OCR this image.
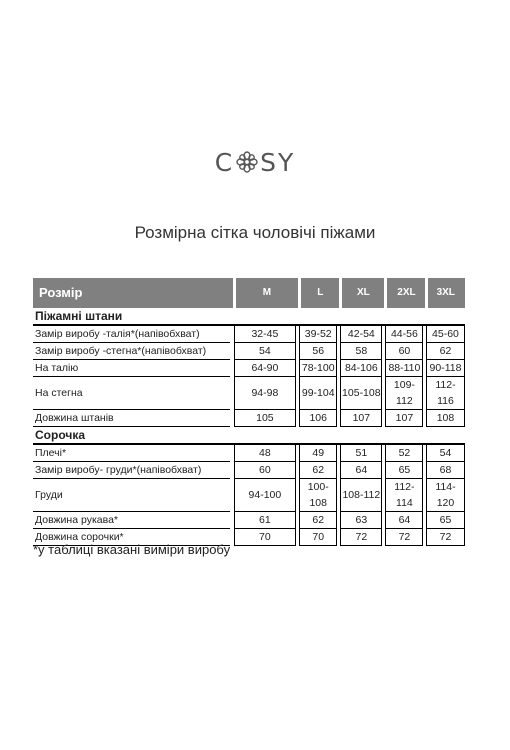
C SY
Розмірна сітка чоловічі піжами
Розмір		M		L		XL		2XL		3XL
Піжамні штани										
Замір виробу -талія*(напівобхват)		32-45		39-52		42-54		44-56		45-60
Замір виробу -стегна*(напівобхват)		54		56		58		60		62
На талію		64-90		78-100		84-106		88-110		90-118
На стегна		94-98		99-104		105-108		109-112		112-116
Довжина штанів		105		106		107		107		108
Сорочка										
Плечі*		48		49		51		52		54
Замір виробу- груди*(напівобхват)		60		62		64		65		68
Груди		94-100		100-108		108-112		112-114		114-120
Довжина рукава*		61		62		63		64		65
Довжина сорочки*		70		70		72		72		72
*у таблиці вказані виміри виробу
